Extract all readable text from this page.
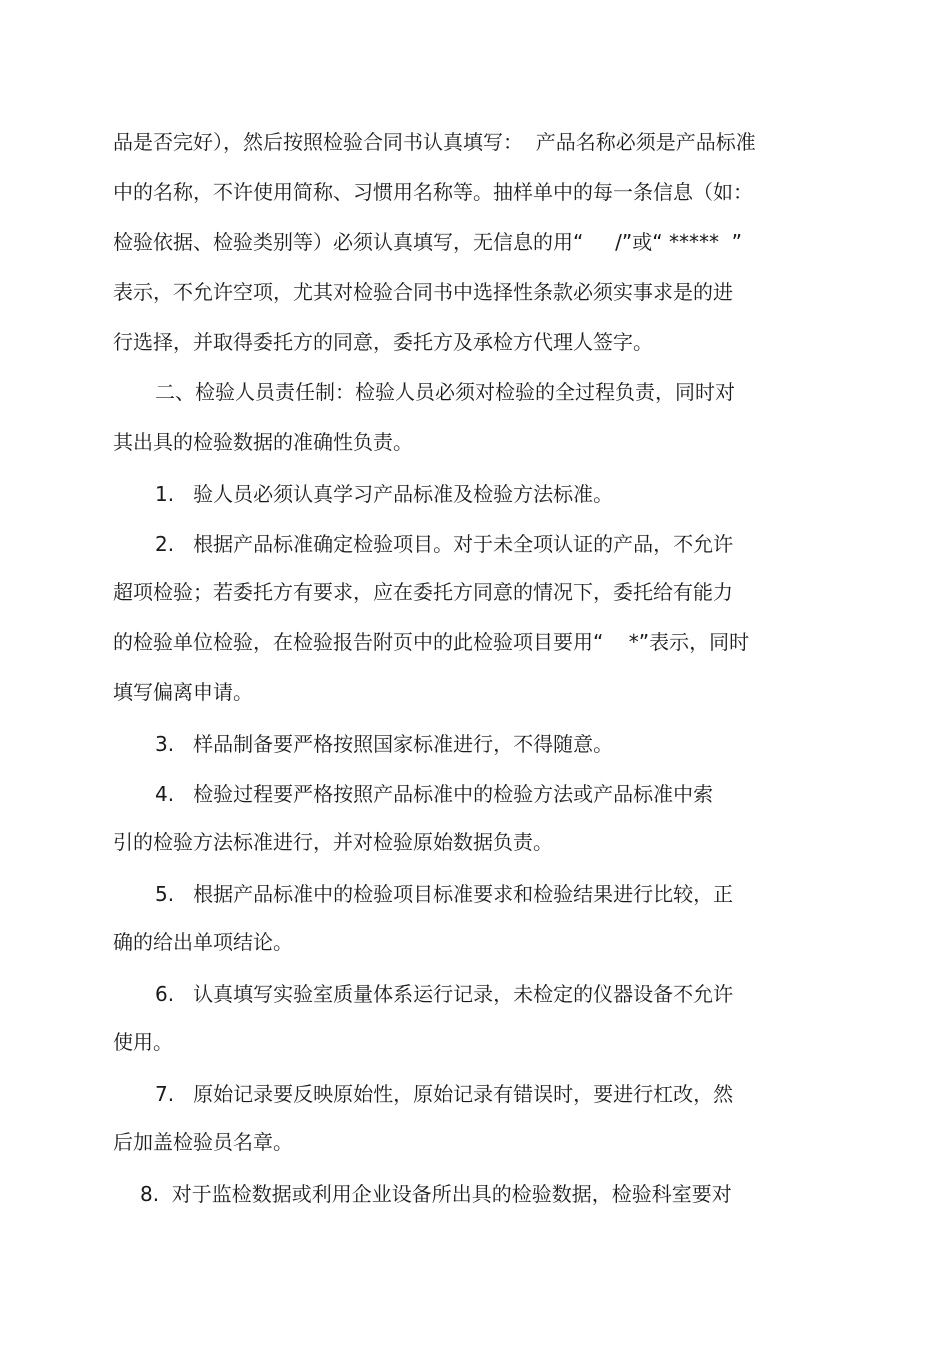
品是否完好），然后按照检验合同书认真填写：  产品名称必须是产品标准

中的名称，不许使用简称、习惯用名称等。抽样单中的每一条信息（如：

检验依据、检验类别等）必须认真填写，无信息的用“     /”或“ *****  ”

表示，不允许空项，尤其对检验合同书中选择性条款必须实事求是的进

行选择，并取得委托方的同意，委托方及承检方代理人签字。

二、检验人员责任制：检验人员必须对检验的全过程负责，同时对

其出具的检验数据的准确性负责。

1.   验人员必须认真学习产品标准及检验方法标准。

2.   根据产品标准确定检验项目。对于未全项认证的产品，不允许

超项检验；若委托方有要求，应在委托方同意的情况下，委托给有能力

的检验单位检验，在检验报告附页中的此检验项目要用“    *”表示，同时

填写偏离申请。

3.   样品制备要严格按照国家标准进行，不得随意。

4.   检验过程要严格按照产品标准中的检验方法或产品标准中索

引的检验方法标准进行，并对检验原始数据负责。

5.   根据产品标准中的检验项目标准要求和检验结果进行比较，正

确的给出单项结论。

6.   认真填写实验室质量体系运行记录，未检定的仪器设备不允许

使用。

7.   原始记录要反映原始性，原始记录有错误时，要进行杠改，然

后加盖检验员名章。

8.  对于监检数据或利用企业设备所出具的检验数据，检验科室要对
